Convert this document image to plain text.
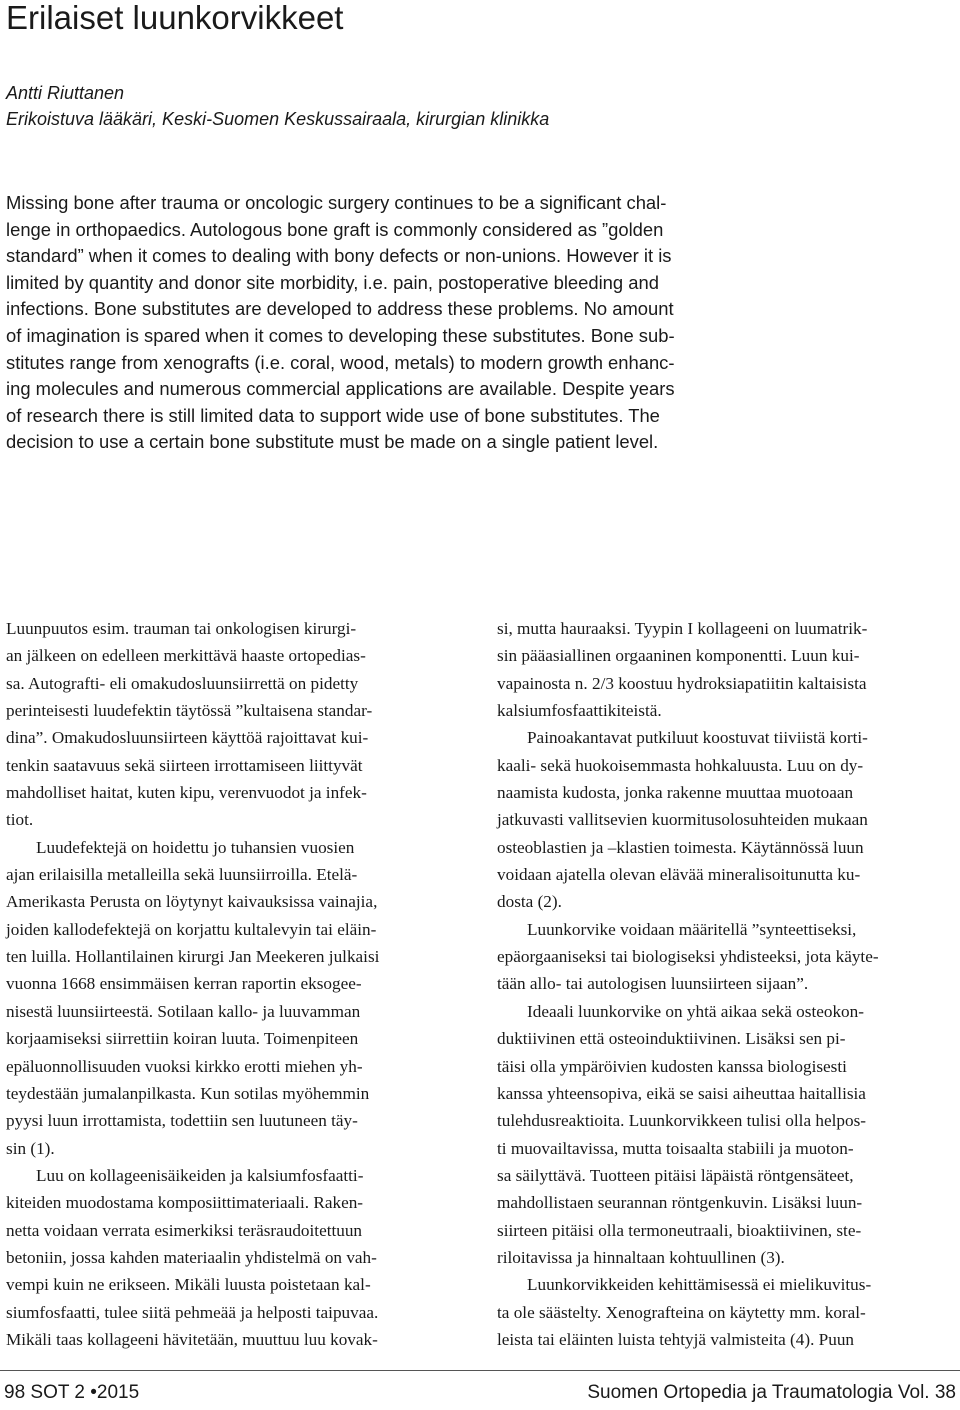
Erilaiset luunkorvikkeet
Antti Riuttanen
Erikoistuva lääkäri, Keski-Suomen Keskussairaala, kirurgian klinikka
Missing bone after trauma or oncologic surgery continues to be a significant chal-
lenge in orthopaedics. Autologous bone graft is commonly considered as ”golden
standard” when it comes to dealing with bony defects or non-unions. However it is
limited by quantity and donor site morbidity, i.e. pain, postoperative bleeding and
infections. Bone substitutes are developed to address these problems. No amount
of imagination is spared when it comes to developing these substitutes. Bone sub-
stitutes range from xenografts (i.e. coral, wood, metals) to modern growth enhanc-
ing molecules and numerous commercial applications are available. Despite years
of research there is still limited data to support wide use of bone substitutes. The
decision to use a certain bone substitute must be made on a single patient level.
Luunpuutos esim. trauman tai onkologisen kirurgi-
an jälkeen on edelleen merkittävä haaste ortopedias-
sa. Autografti- eli omakudosluunsiirrettä on pidetty
perinteisesti luudefektin täytössä ”kultaisena standar-
dina”. Omakudosluunsiirteen käyttöä rajoittavat kui-
tenkin saatavuus sekä siirteen irrottamiseen liittyvät
mahdolliset haitat, kuten kipu, verenvuodot ja infek-
tiot.
Luudefektejä on hoidettu jo tuhansien vuosien
ajan erilaisilla metalleilla sekä luunsiirroilla. Etelä-
Amerikasta Perusta on löytynyt kaivauksissa vainajia,
joiden kallodefektejä on korjattu kultalevyin tai eläin-
ten luilla. Hollantilainen kirurgi Jan Meekeren julkaisi
vuonna 1668 ensimmäisen kerran raportin eksogee-
nisestä luunsiirteestä. Sotilaan kallo- ja luuvamman
korjaamiseksi siirrettiin koiran luuta. Toimenpiteen
epäluonnollisuuden vuoksi kirkko erotti miehen yh-
teydestään jumalanpilkasta. Kun sotilas myöhemmin
pyysi luun irrottamista, todettiin sen luutuneen täy-
sin (1).
Luu on kollageenisäikeiden ja kalsiumfosfaatti-
kiteiden muodostama komposiittimateriaali. Raken-
netta voidaan verrata esimerkiksi teräsraudoitettuun
betoniin, jossa kahden materiaalin yhdistelmä on vah-
vempi kuin ne erikseen. Mikäli luusta poistetaan kal-
siumfosfaatti, tulee siitä pehmeää ja helposti taipuvaa.
Mikäli taas kollageeni hävitetään, muuttuu luu kovak-
si, mutta hauraaksi. Tyypin I kollageeni on luumatrik-
sin pääasiallinen orgaaninen komponentti. Luun kui-
vapainosta n. 2/3 koostuu hydroksiapatiitin kaltaisista
kalsiumfosfaattikiteistä.
Painoakantavat putkiluut koostuvat tiiviistä korti-
kaali- sekä huokoisemmasta hohkaluusta. Luu on dy-
naamista kudosta, jonka rakenne muuttaa muotoaan
jatkuvasti vallitsevien kuormitusolosuhteiden mukaan
osteoblastien ja –klastien toimesta. Käytännössä luun
voidaan ajatella olevan elävää mineralisoitunutta ku-
dosta (2).
Luunkorvike voidaan määritellä ”synteettiseksi,
epäorgaaniseksi tai biologiseksi yhdisteeksi, jota käyte-
tään allo- tai autologisen luunsiirteen sijaan”.
Ideaali luunkorvike on yhtä aikaa sekä osteokon-
duktiivinen että osteoinduktiivinen. Lisäksi sen pi-
täisi olla ympäröivien kudosten kanssa biologisesti
kanssa yhteensopiva, eikä se saisi aiheuttaa haitallisia
tulehdusreaktioita. Luunkorvikkeen tulisi olla helpos-
ti muovailtavissa, mutta toisaalta stabiili ja muoton-
sa säilyttävä. Tuotteen pitäisi läpäistä röntgensäteet,
mahdollistaen seurannan röntgenkuvin. Lisäksi luun-
siirteen pitäisi olla termoneutraali, bioaktiivinen, ste-
riloitavissa ja hinnaltaan kohtuullinen (3).
Luunkorvikkeiden kehittämisessä ei mielikuvitus-
ta ole säästelty. Xenografteina on käytetty mm. koral-
leista tai eläinten luista tehtyjä valmisteita (4). Puun
98 SOT 2 •2015	Suomen Ortopedia ja Traumatologia Vol. 38
